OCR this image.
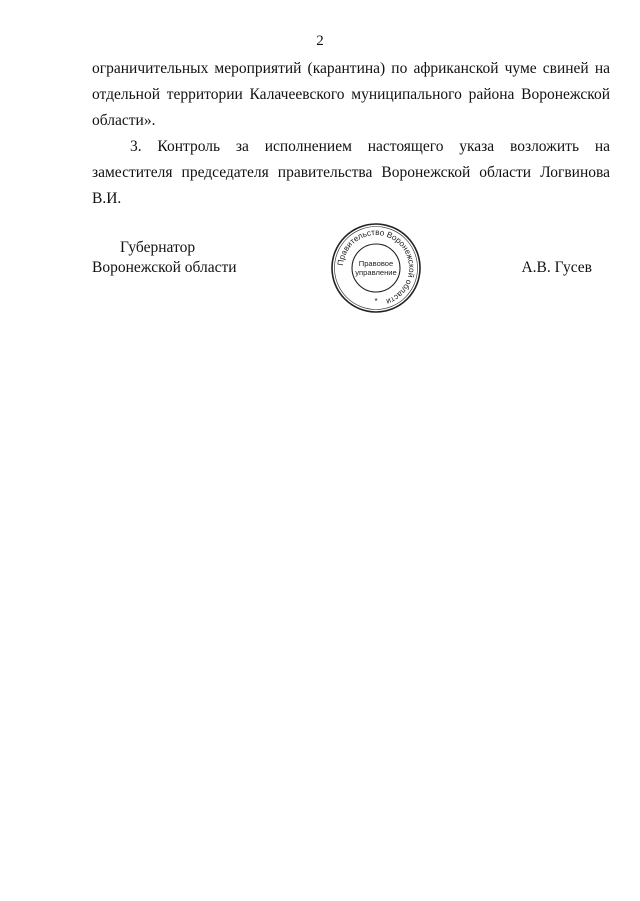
2

ограничительных мероприятий (карантина) по африканской чуме свиней на отдельной территории Калачеевского муниципального района Воронежской области».

3. Контроль за исполнением настоящего указа возложить на заместителя председателя правительства Воронежской области Логвинова В.И.

Губернатор
Воронежской области	Правительство Воронежской области
Правовое
управление
*
А.В. Гусев
